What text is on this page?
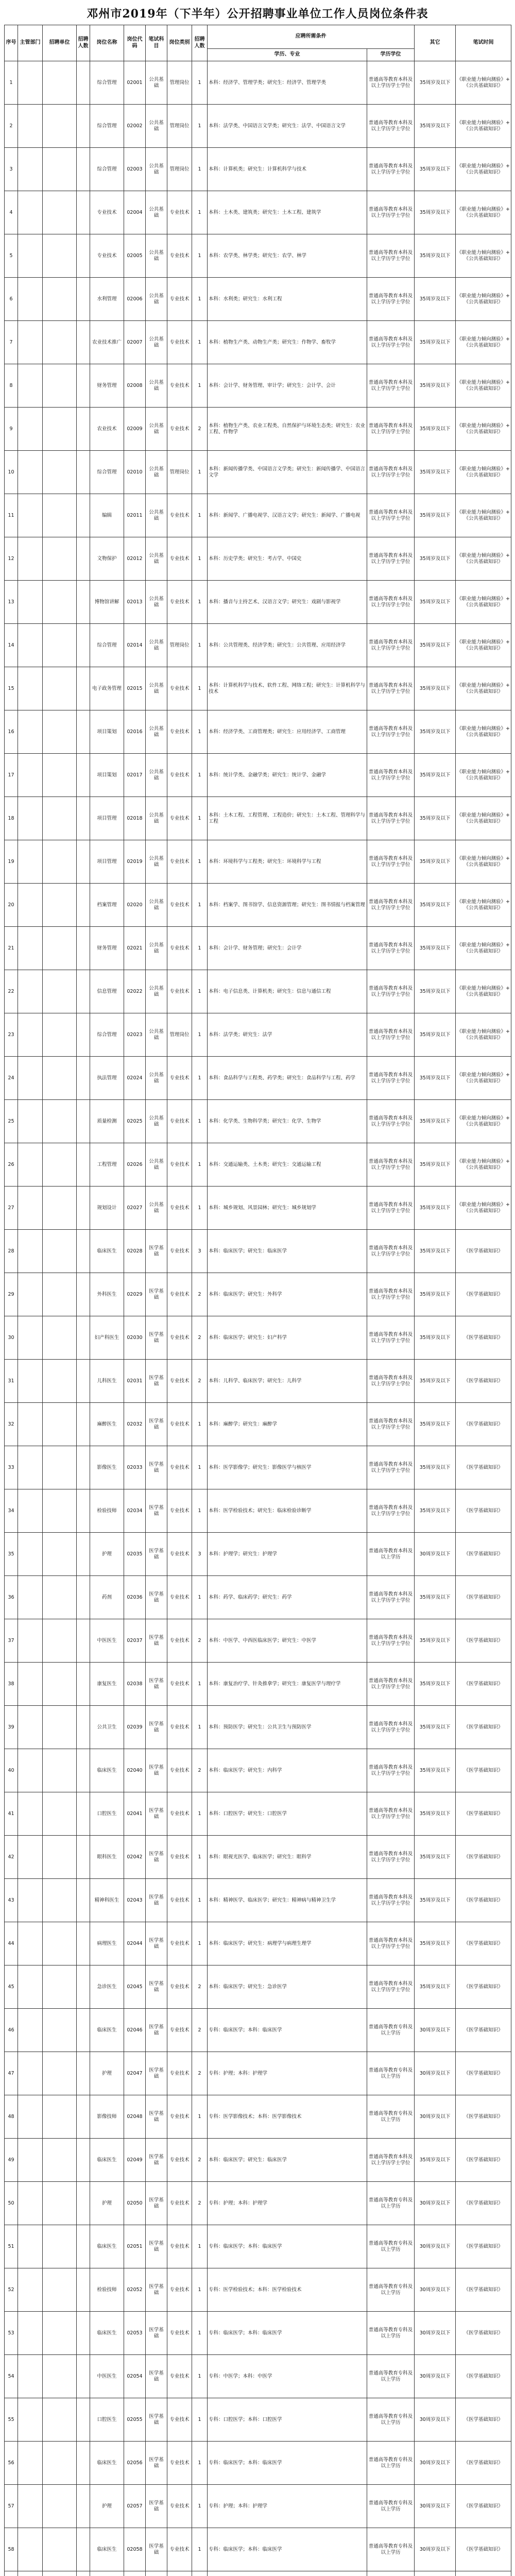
邓州市2019年（下半年）公开招聘事业单位工作人员岗位条件表
序号	主管部门	招聘单位	招聘人数	岗位名称	岗位代码	笔试科目	岗位类别	招聘人数	应聘所需条件		其它	笔试时间
									学历、专业	学历学位		
1				综合管理	02001	公共基础	管理岗位	1	本科：经济学、管理学类；研究生：经济学、管理学类	普通高等教育本科及以上学历学士学位	35周岁及以下	《职业能力倾向测验》+《公共基础知识》
2				综合管理	02002	公共基础	管理岗位	1	本科：法学类、中国语言文学类；研究生：法学、中国语言文学	普通高等教育本科及以上学历学士学位	35周岁及以下	《职业能力倾向测验》+《公共基础知识》
3				综合管理	02003	公共基础	管理岗位	1	本科：计算机类；研究生：计算机科学与技术	普通高等教育本科及以上学历学士学位	35周岁及以下	《职业能力倾向测验》+《公共基础知识》
4				专业技术	02004	公共基础	专业技术	1	本科：土木类、建筑类；研究生：土木工程、建筑学	普通高等教育本科及以上学历学士学位	35周岁及以下	《职业能力倾向测验》+《公共基础知识》
5				专业技术	02005	公共基础	专业技术	1	本科：农学类、林学类；研究生：农学、林学	普通高等教育本科及以上学历学士学位	35周岁及以下	《职业能力倾向测验》+《公共基础知识》
6				水利管理	02006	公共基础	专业技术	1	本科：水利类；研究生：水利工程	普通高等教育本科及以上学历学士学位	35周岁及以下	《职业能力倾向测验》+《公共基础知识》
7				农业技术推广	02007	公共基础	专业技术	1	本科：植物生产类、动物生产类；研究生：作物学、畜牧学	普通高等教育本科及以上学历学士学位	35周岁及以下	《职业能力倾向测验》+《公共基础知识》
8				财务管理	02008	公共基础	专业技术	1	本科：会计学、财务管理、审计学；研究生：会计学、会计	普通高等教育本科及以上学历学士学位	35周岁及以下	《职业能力倾向测验》+《公共基础知识》
9				农业技术	02009	公共基础	专业技术	2	本科：植物生产类、农业工程类、自然保护与环境生态类；研究生：农业工程、作物学	普通高等教育本科及以上学历学士学位	35周岁及以下	《职业能力倾向测验》+《公共基础知识》
10				综合管理	02010	公共基础	管理岗位	1	本科：新闻传播学类、中国语言文学类；研究生：新闻传播学、中国语言文学	普通高等教育本科及以上学历学士学位	35周岁及以下	《职业能力倾向测验》+《公共基础知识》
11				编辑	02011	公共基础	专业技术	1	本科：新闻学、广播电视学、汉语言文学；研究生：新闻学、广播电视	普通高等教育本科及以上学历学士学位	35周岁及以下	《职业能力倾向测验》+《公共基础知识》
12				文物保护	02012	公共基础	专业技术	1	本科：历史学类；研究生：考古学、中国史	普通高等教育本科及以上学历学士学位	35周岁及以下	《职业能力倾向测验》+《公共基础知识》
13				博物馆讲解	02013	公共基础	专业技术	1	本科：播音与主持艺术、汉语言文学；研究生：戏剧与影视学	普通高等教育本科及以上学历学士学位	35周岁及以下	《职业能力倾向测验》+《公共基础知识》
14				综合管理	02014	公共基础	管理岗位	1	本科：公共管理类、经济学类；研究生：公共管理、应用经济学	普通高等教育本科及以上学历学士学位	35周岁及以下	《职业能力倾向测验》+《公共基础知识》
15				电子政务管理	02015	公共基础	专业技术	1	本科：计算机科学与技术、软件工程、网络工程；研究生：计算机科学与技术	普通高等教育本科及以上学历学士学位	35周岁及以下	《职业能力倾向测验》+《公共基础知识》
16				项目策划	02016	公共基础	专业技术	1	本科：经济学类、工商管理类；研究生：应用经济学、工商管理	普通高等教育本科及以上学历学士学位	35周岁及以下	《职业能力倾向测验》+《公共基础知识》
17				项目策划	02017	公共基础	专业技术	1	本科：统计学类、金融学类；研究生：统计学、金融学	普通高等教育本科及以上学历学士学位	35周岁及以下	《职业能力倾向测验》+《公共基础知识》
18				项目管理	02018	公共基础	专业技术	1	本科：土木工程、工程管理、工程造价；研究生：土木工程、管理科学与工程	普通高等教育本科及以上学历学士学位	35周岁及以下	《职业能力倾向测验》+《公共基础知识》
19				项目管理	02019	公共基础	专业技术	1	本科：环境科学与工程类；研究生：环境科学与工程	普通高等教育本科及以上学历学士学位	35周岁及以下	《职业能力倾向测验》+《公共基础知识》
20				档案管理	02020	公共基础	专业技术	1	本科：档案学、图书馆学、信息资源管理；研究生：图书情报与档案管理	普通高等教育本科及以上学历学士学位	35周岁及以下	《职业能力倾向测验》+《公共基础知识》
21				财务管理	02021	公共基础	专业技术	1	本科：会计学、财务管理；研究生：会计学	普通高等教育本科及以上学历学士学位	35周岁及以下	《职业能力倾向测验》+《公共基础知识》
22				信息管理	02022	公共基础	专业技术	1	本科：电子信息类、计算机类；研究生：信息与通信工程	普通高等教育本科及以上学历学士学位	35周岁及以下	《职业能力倾向测验》+《公共基础知识》
23				综合管理	02023	公共基础	管理岗位	1	本科：法学类；研究生：法学	普通高等教育本科及以上学历学士学位	35周岁及以下	《职业能力倾向测验》+《公共基础知识》
24				执法管理	02024	公共基础	专业技术	1	本科：食品科学与工程类、药学类；研究生：食品科学与工程、药学	普通高等教育本科及以上学历学士学位	35周岁及以下	《职业能力倾向测验》+《公共基础知识》
25				质量检测	02025	公共基础	专业技术	1	本科：化学类、生物科学类；研究生：化学、生物学	普通高等教育本科及以上学历学士学位	35周岁及以下	《职业能力倾向测验》+《公共基础知识》
26				工程管理	02026	公共基础	专业技术	1	本科：交通运输类、土木类；研究生：交通运输工程	普通高等教育本科及以上学历学士学位	35周岁及以下	《职业能力倾向测验》+《公共基础知识》
27				规划设计	02027	公共基础	专业技术	1	本科：城乡规划、风景园林；研究生：城乡规划学	普通高等教育本科及以上学历学士学位	35周岁及以下	《职业能力倾向测验》+《公共基础知识》
28				临床医生	02028	医学基础	专业技术	3	本科：临床医学；研究生：临床医学	普通高等教育本科及以上学历学士学位	35周岁及以下	《医学基础知识》
29				外科医生	02029	医学基础	专业技术	2	本科：临床医学；研究生：外科学	普通高等教育本科及以上学历学士学位	35周岁及以下	《医学基础知识》
30				妇产科医生	02030	医学基础	专业技术	2	本科：临床医学；研究生：妇产科学	普通高等教育本科及以上学历学士学位	35周岁及以下	《医学基础知识》
31				儿科医生	02031	医学基础	专业技术	2	本科：儿科学、临床医学；研究生：儿科学	普通高等教育本科及以上学历学士学位	35周岁及以下	《医学基础知识》
32				麻醉医生	02032	医学基础	专业技术	1	本科：麻醉学；研究生：麻醉学	普通高等教育本科及以上学历学士学位	35周岁及以下	《医学基础知识》
33				影像医生	02033	医学基础	专业技术	1	本科：医学影像学；研究生：影像医学与核医学	普通高等教育本科及以上学历学士学位	35周岁及以下	《医学基础知识》
34				检验技师	02034	医学基础	专业技术	1	本科：医学检验技术；研究生：临床检验诊断学	普通高等教育本科及以上学历学士学位	35周岁及以下	《医学基础知识》
35				护理	02035	医学基础	专业技术	3	本科：护理学；研究生：护理学	普通高等教育本科及以上学历	30周岁及以下	《医学基础知识》
36				药剂	02036	医学基础	专业技术	1	本科：药学、临床药学；研究生：药学	普通高等教育本科及以上学历学士学位	35周岁及以下	《医学基础知识》
37				中医医生	02037	医学基础	专业技术	2	本科：中医学、中西医临床医学；研究生：中医学	普通高等教育本科及以上学历学士学位	35周岁及以下	《医学基础知识》
38				康复医生	02038	医学基础	专业技术	1	本科：康复治疗学、针灸推拿学；研究生：康复医学与理疗学	普通高等教育本科及以上学历学士学位	35周岁及以下	《医学基础知识》
39				公共卫生	02039	医学基础	专业技术	1	本科：预防医学；研究生：公共卫生与预防医学	普通高等教育本科及以上学历学士学位	35周岁及以下	《医学基础知识》
40				临床医生	02040	医学基础	专业技术	2	本科：临床医学；研究生：内科学	普通高等教育本科及以上学历学士学位	35周岁及以下	《医学基础知识》
41				口腔医生	02041	医学基础	专业技术	1	本科：口腔医学；研究生：口腔医学	普通高等教育本科及以上学历学士学位	35周岁及以下	《医学基础知识》
42				眼科医生	02042	医学基础	专业技术	1	本科：眼视光医学、临床医学；研究生：眼科学	普通高等教育本科及以上学历学士学位	35周岁及以下	《医学基础知识》
43				精神科医生	02043	医学基础	专业技术	1	本科：精神医学、临床医学；研究生：精神病与精神卫生学	普通高等教育本科及以上学历学士学位	35周岁及以下	《医学基础知识》
44				病理医生	02044	医学基础	专业技术	1	本科：临床医学；研究生：病理学与病理生理学	普通高等教育本科及以上学历学士学位	35周岁及以下	《医学基础知识》
45				急诊医生	02045	医学基础	专业技术	2	本科：临床医学；研究生：急诊医学	普通高等教育本科及以上学历学士学位	35周岁及以下	《医学基础知识》
46				临床医生	02046	医学基础	专业技术	2	专科：临床医学；本科：临床医学	普通高等教育专科及以上学历	30周岁及以下	《医学基础知识》
47				护理	02047	医学基础	专业技术	2	专科：护理；本科：护理学	普通高等教育专科及以上学历	30周岁及以下	《医学基础知识》
48				影像技师	02048	医学基础	专业技术	1	专科：医学影像技术；本科：医学影像技术	普通高等教育专科及以上学历	30周岁及以下	《医学基础知识》
49				临床医生	02049	医学基础	专业技术	2	本科：临床医学；研究生：临床医学	普通高等教育本科及以上学历学士学位	35周岁及以下	《医学基础知识》
50				护理	02050	医学基础	专业技术	2	专科：护理；本科：护理学	普通高等教育专科及以上学历	30周岁及以下	《医学基础知识》
51				临床医生	02051	医学基础	专业技术	1	专科：临床医学；本科：临床医学	普通高等教育专科及以上学历	30周岁及以下	《医学基础知识》
52				检验技师	02052	医学基础	专业技术	1	专科：医学检验技术；本科：医学检验技术	普通高等教育专科及以上学历	30周岁及以下	《医学基础知识》
53				临床医生	02053	医学基础	专业技术	1	专科：临床医学；本科：临床医学	普通高等教育专科及以上学历	30周岁及以下	《医学基础知识》
54				中医医生	02054	医学基础	专业技术	1	专科：中医学；本科：中医学	普通高等教育专科及以上学历	30周岁及以下	《医学基础知识》
55				口腔医生	02055	医学基础	专业技术	1	专科：口腔医学；本科：口腔医学	普通高等教育专科及以上学历	30周岁及以下	《医学基础知识》
56				临床医生	02056	医学基础	专业技术	1	专科：临床医学；本科：临床医学	普通高等教育专科及以上学历	30周岁及以下	《医学基础知识》
57				护理	02057	医学基础	专业技术	1	专科：护理；本科：护理学	普通高等教育专科及以上学历	30周岁及以下	《医学基础知识》
58				临床医生	02058	医学基础	专业技术	1	专科：临床医学；本科：临床医学	普通高等教育专科及以上学历	30周岁及以下	《医学基础知识》
